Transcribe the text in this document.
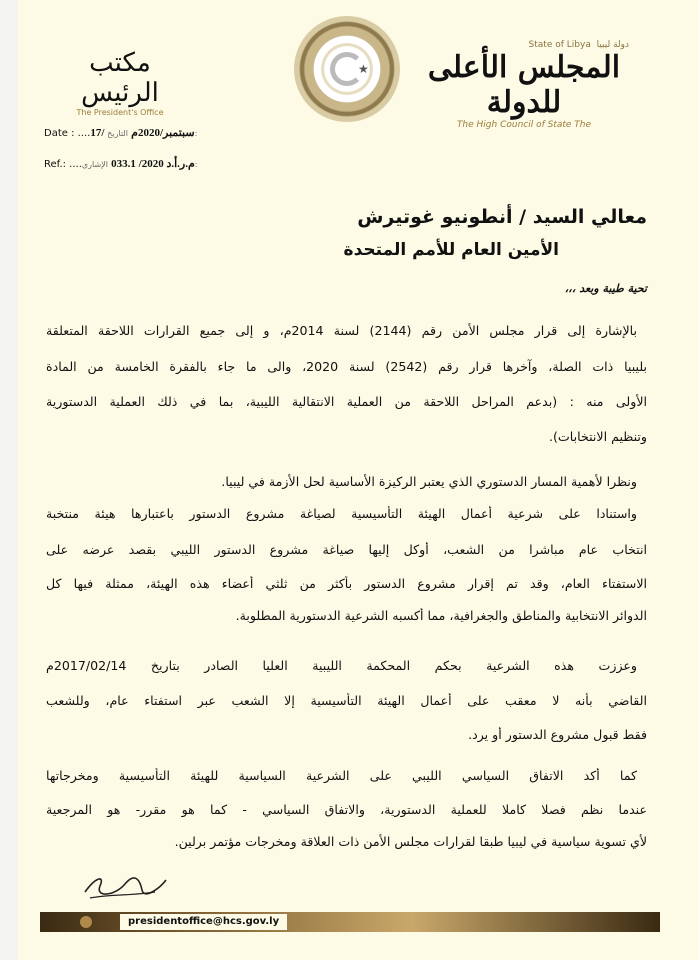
State of Libya دولة ليبيا
المجلس الأعلى للدولة
The High Council of State The
★
مكتب الرئيس
The President's Office
Date : ....17/ سبتمبر/2020م التاريخ:
Ref.: ....	م.ر.أ.د 2020/ 033.1 الإشاري:
معالي السيد / أنطونيو غوتيرش
الأمين العام للأمم المتحدة
تحية طيبة وبعد ،،،
بالإشارة إلى قرار مجلس الأمن رقم (2144) لسنة 2014م، و إلى جميع القرارات اللاحقة المتعلقة
بليبيا ذات الصلة، وآخرها قرار رقم (2542) لسنة 2020، والى ما جاء بالفقرة الخامسة من المادة
الأولى منه : (بدعم المراحل اللاحقة من العملية الانتقالية الليبية، بما في ذلك العملية الدستورية
وتنظيم الانتخابات).
ونظرا لأهمية المسار الدستوري الذي يعتبر الركيزة الأساسية لحل الأزمة في ليبيا.
واستنادا على شرعية أعمال الهيئة التأسيسية لصياغة مشروع الدستور باعتبارها هيئة منتخبة
انتخاب عام مباشرا من الشعب، أوكل إليها صياغة مشروع الدستور الليبي بقصد عرضه على
الاستفتاء العام، وقد تم إقرار مشروع الدستور بأكثر من ثلثي أعضاء هذه الهيئة، ممثلة فيها كل
الدوائر الانتخابية والمناطق والجغرافية، مما أكسبه الشرعية الدستورية المطلوبة.
وعززت هذه الشرعية بحكم المحكمة الليبية العليا الصادر بتاريخ 2017/02/14م
القاضي بأنه لا معقب على أعمال الهيئة التأسيسية إلا الشعب عبر استفتاء عام، وللشعب
فقط قبول مشروع الدستور أو يرد.
كما أكد الاتفاق السياسي الليبي على الشرعية السياسية للهيئة التأسيسية ومخرجاتها
عندما نظم فصلا كاملا للعملية الدستورية، والاتفاق السياسي - كما هو مقرر- هو المرجعية
لأي تسوية سياسية في ليبيا طبقا لقرارات مجلس الأمن ذات العلاقة ومخرجات مؤتمر برلين.
presidentoffice@hcs.gov.ly
